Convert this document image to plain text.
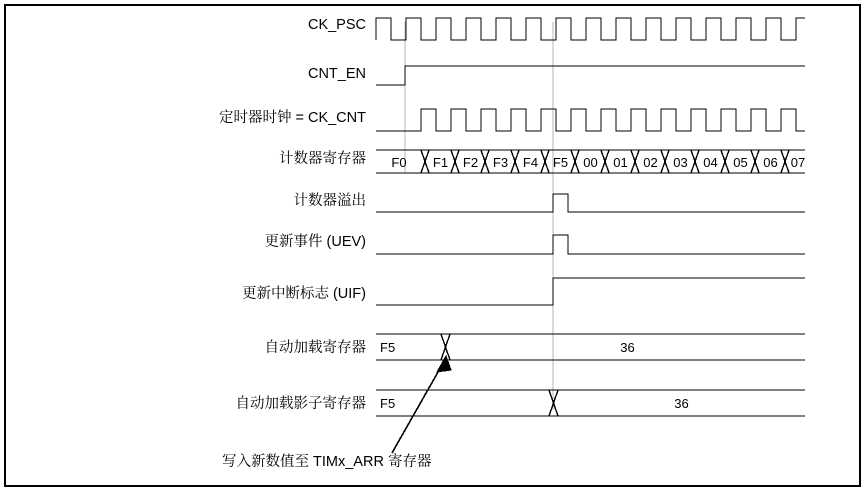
CK_PSC
CNT_EN
定时器时钟 = CK_CNT
计数器寄存器
计数器溢出
更新事件 (UEV)
更新中断标志 (UIF)
自动加载寄存器
自动加载影子寄存器
F0	F1	F2	F3	F4	F5	00	01	02	03	04	05	06	07
F5	36
F5	36
写入新数值至 TIMx_ARR 寄存器
